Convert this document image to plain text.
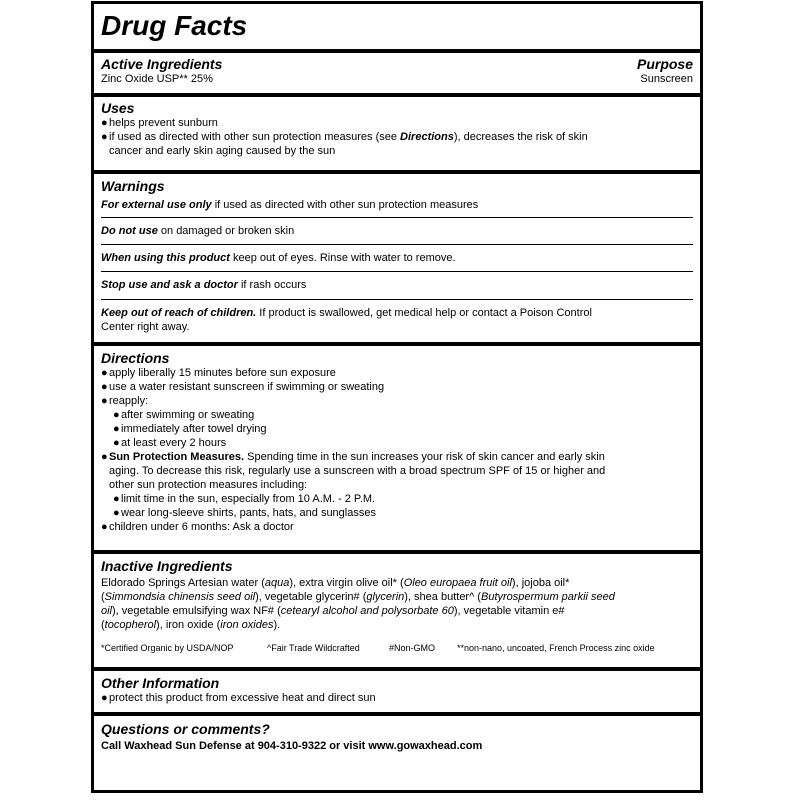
Drug Facts
Active Ingredients	Purpose
Zinc Oxide USP** 25%	Sunscreen
Uses
● helps prevent sunburn
● if used as directed with other sun protection measures (see Directions), decreases the risk of skin
cancer and early skin aging caused by the sun
Warnings
For external use only if used as directed with other sun protection measures
Do not use on damaged or broken skin
When using this product keep out of eyes. Rinse with water to remove.
Stop use and ask a doctor if rash occurs
Keep out of reach of children. If product is swallowed, get medical help or contact a Poison Control
Center right away.
Directions
● apply liberally 15 minutes before sun exposure
● use a water resistant sunscreen if swimming or sweating
● reapply:
● after swimming or sweating
● immediately after towel drying
● at least every 2 hours
● Sun Protection Measures. Spending time in the sun increases your risk of skin cancer and early skin
aging. To decrease this risk, regularly use a sunscreen with a broad spectrum SPF of 15 or higher and
other sun protection measures including:
● limit time in the sun, especially from 10 A.M. - 2 P.M.
● wear long-sleeve shirts, pants, hats, and sunglasses
● children under 6 months: Ask a doctor
Inactive Ingredients
Eldorado Springs Artesian water (aqua), extra virgin olive oil* (Oleo europaea fruit oil), jojoba oil*
(Simmondsia chinensis seed oil), vegetable glycerin# (glycerin), shea butter^ (Butyrospermum parkii seed
oil), vegetable emulsifying wax NF# (cetearyl alcohol and polysorbate 60), vegetable vitamin e#
(tocopherol), iron oxide (iron oxides).
*Certified Organic by USDA/NOP	^Fair Trade Wildcrafted	#Non-GMO **non-nano, uncoated, French Process zinc oxide
Other Information
● protect this product from excessive heat and direct sun
Questions or comments?
Call Waxhead Sun Defense at 904-310-9322 or visit www.gowaxhead.com
